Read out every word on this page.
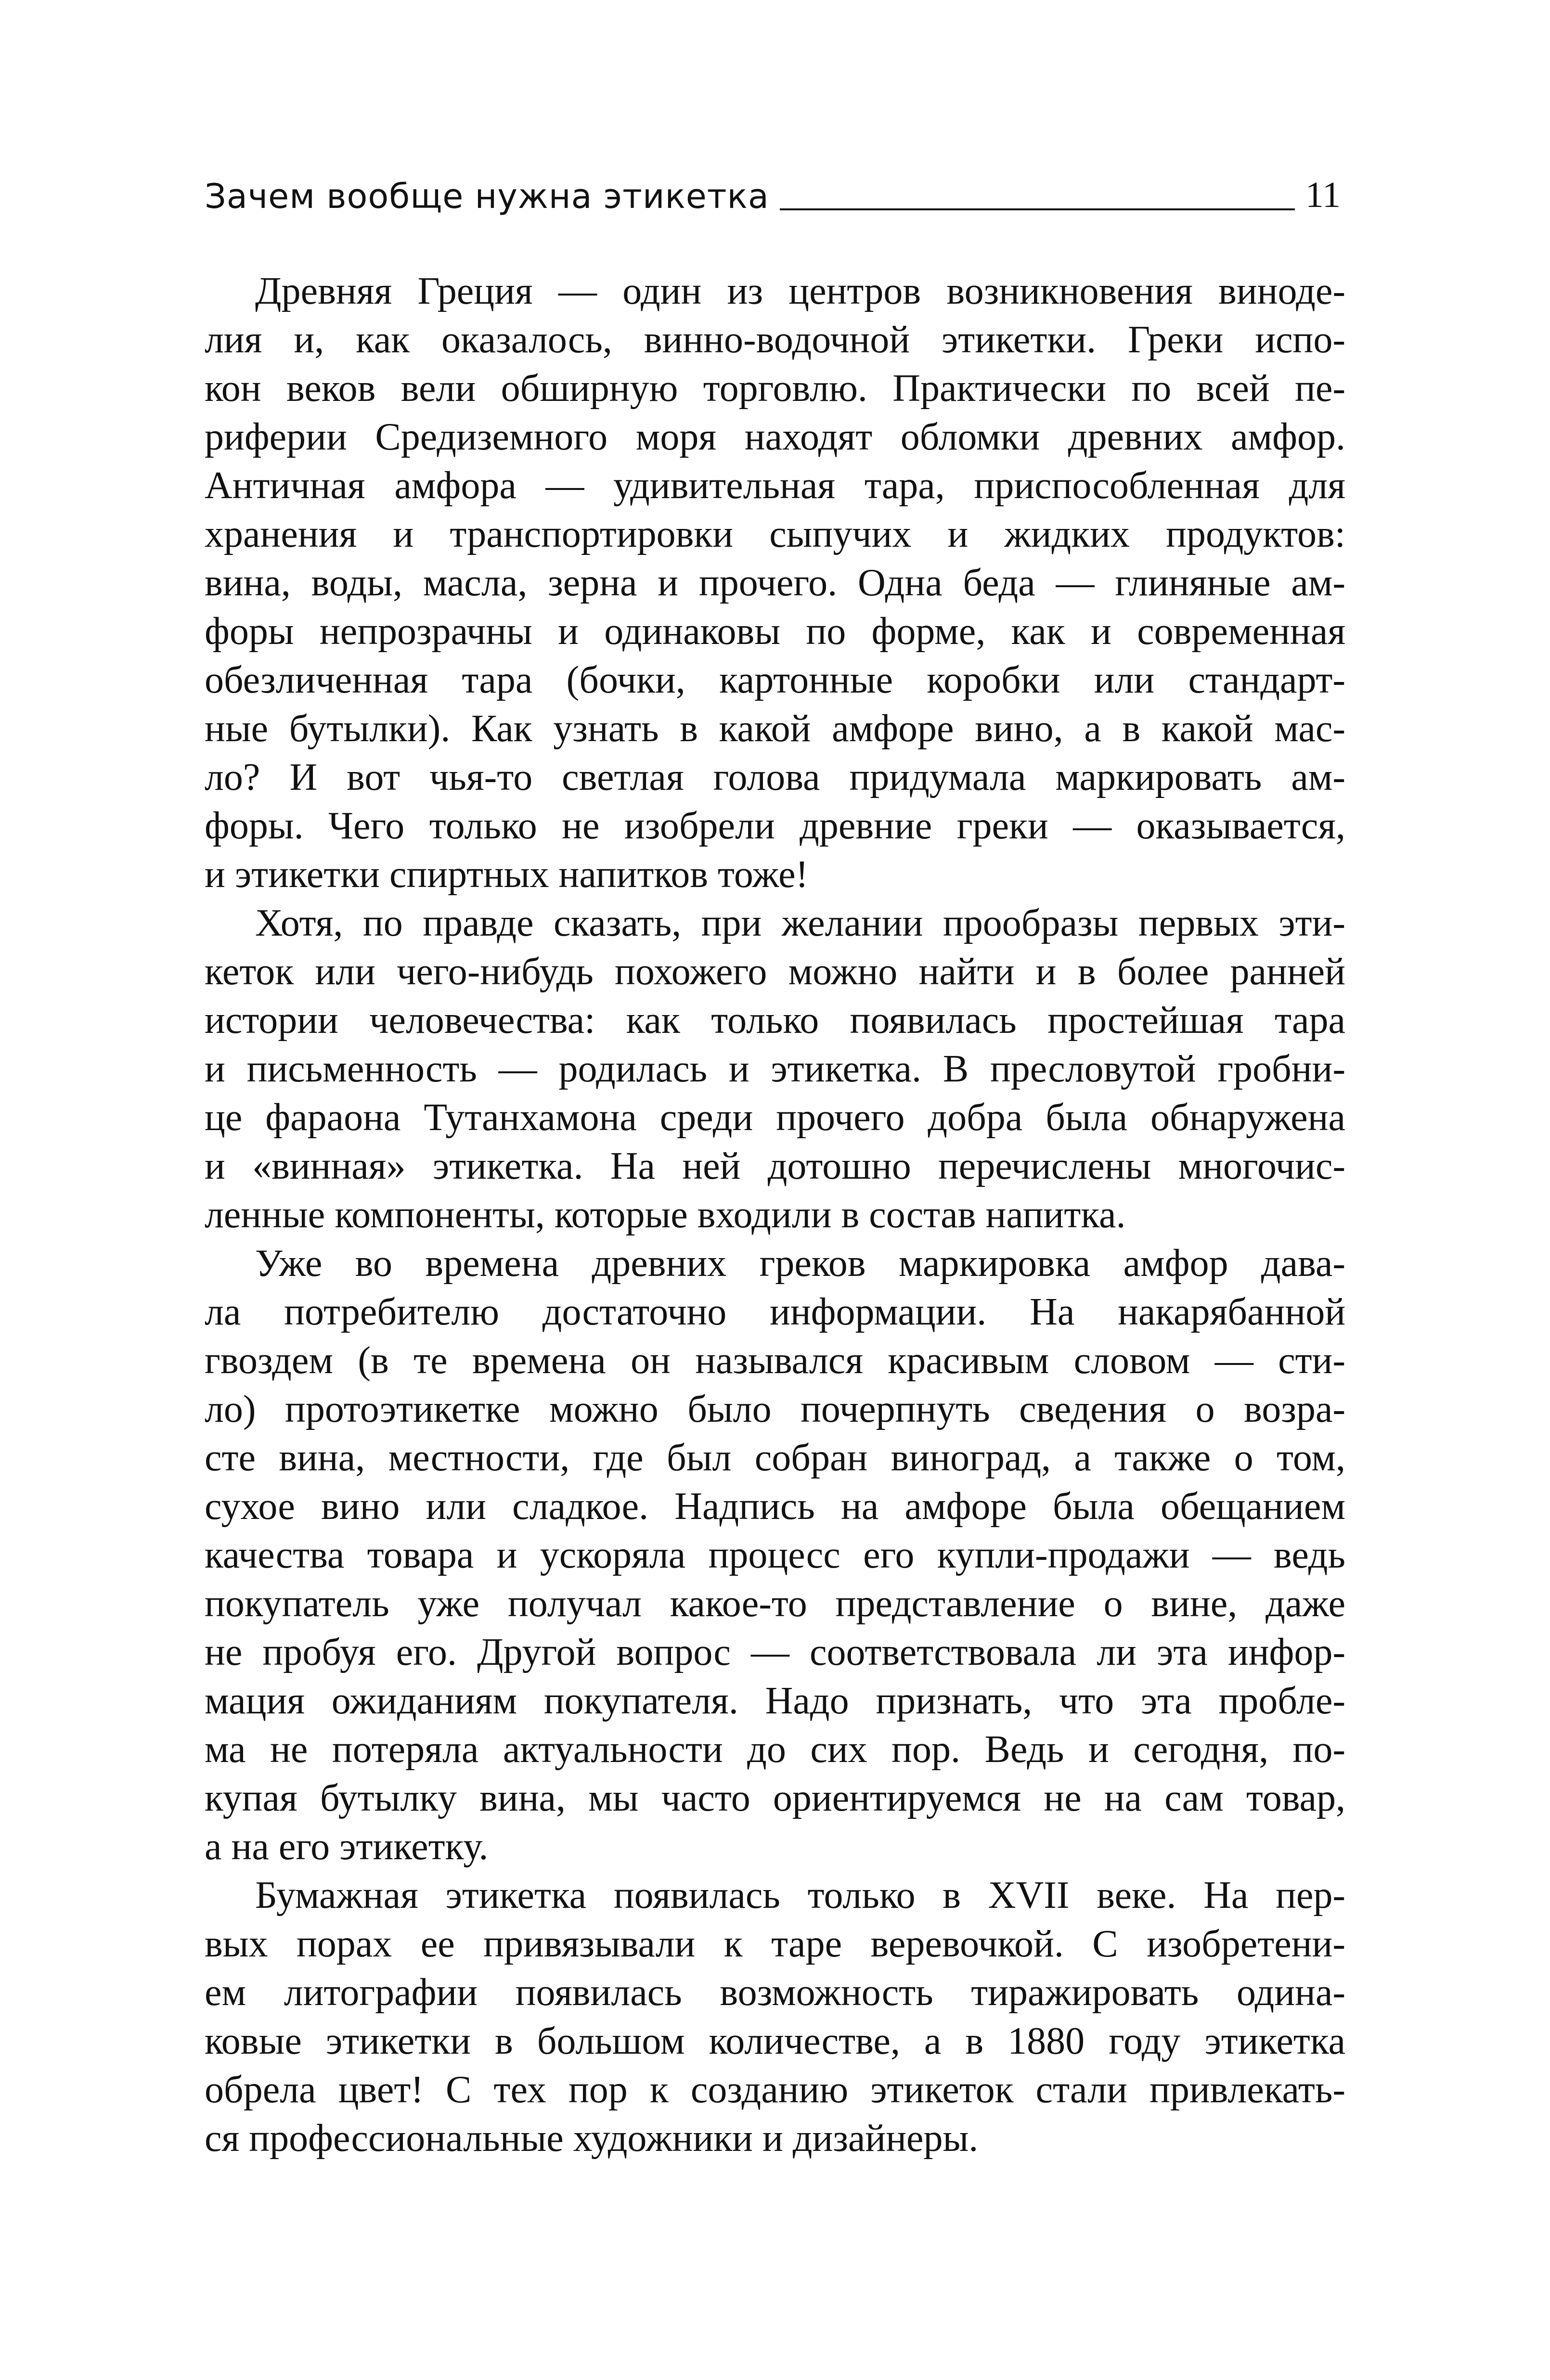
Зачем вообще нужна этикетка	11
Древняя Греция — один из центров возникновения виноде-
лия и, как оказалось, винно-водочной этикетки. Греки испо-
кон веков вели обширную торговлю. Практически по всей пе-
риферии Средиземного моря находят обломки древних амфор.
Античная амфора — удивительная тара, приспособленная для
хранения и транспортировки сыпучих и жидких продуктов:
вина, воды, масла, зерна и прочего. Одна беда — глиняные ам-
форы непрозрачны и одинаковы по форме, как и современная
обезличенная тара (бочки, картонные коробки или стандарт-
ные бутылки). Как узнать в какой амфоре вино, а в какой мас-
ло? И вот чья-то светлая голова придумала маркировать ам-
форы. Чего только не изобрели древние греки — оказывается,
и этикетки спиртных напитков тоже!
Хотя, по правде сказать, при желании прообразы первых эти-
кеток или чего-нибудь похожего можно найти и в более ранней
истории человечества: как только появилась простейшая тара
и письменность — родилась и этикетка. В пресловутой гробни-
це фараона Тутанхамона среди прочего добра была обнаружена
и «винная» этикетка. На ней дотошно перечислены многочис-
ленные компоненты, которые входили в состав напитка.
Уже во времена древних греков маркировка амфор дава-
ла потребителю достаточно информации. На накарябанной
гвоздем (в те времена он назывался красивым словом — сти-
ло) протоэтикетке можно было почерпнуть сведения о возра-
сте вина, местности, где был собран виноград, а также о том,
сухое вино или сладкое. Надпись на амфоре была обещанием
качества товара и ускоряла процесс его купли-продажи — ведь
покупатель уже получал какое-то представление о вине, даже
не пробуя его. Другой вопрос — соответствовала ли эта инфор-
мация ожиданиям покупателя. Надо признать, что эта пробле-
ма не потеряла актуальности до сих пор. Ведь и сегодня, по-
купая бутылку вина, мы часто ориентируемся не на сам товар,
а на его этикетку.
Бумажная этикетка появилась только в XVII веке. На пер-
вых порах ее привязывали к таре веревочкой. С изобретени-
ем литографии появилась возможность тиражировать одина-
ковые этикетки в большом количестве, а в 1880 году этикетка
обрела цвет! С тех пор к созданию этикеток стали привлекать-
ся профессиональные художники и дизайнеры.
